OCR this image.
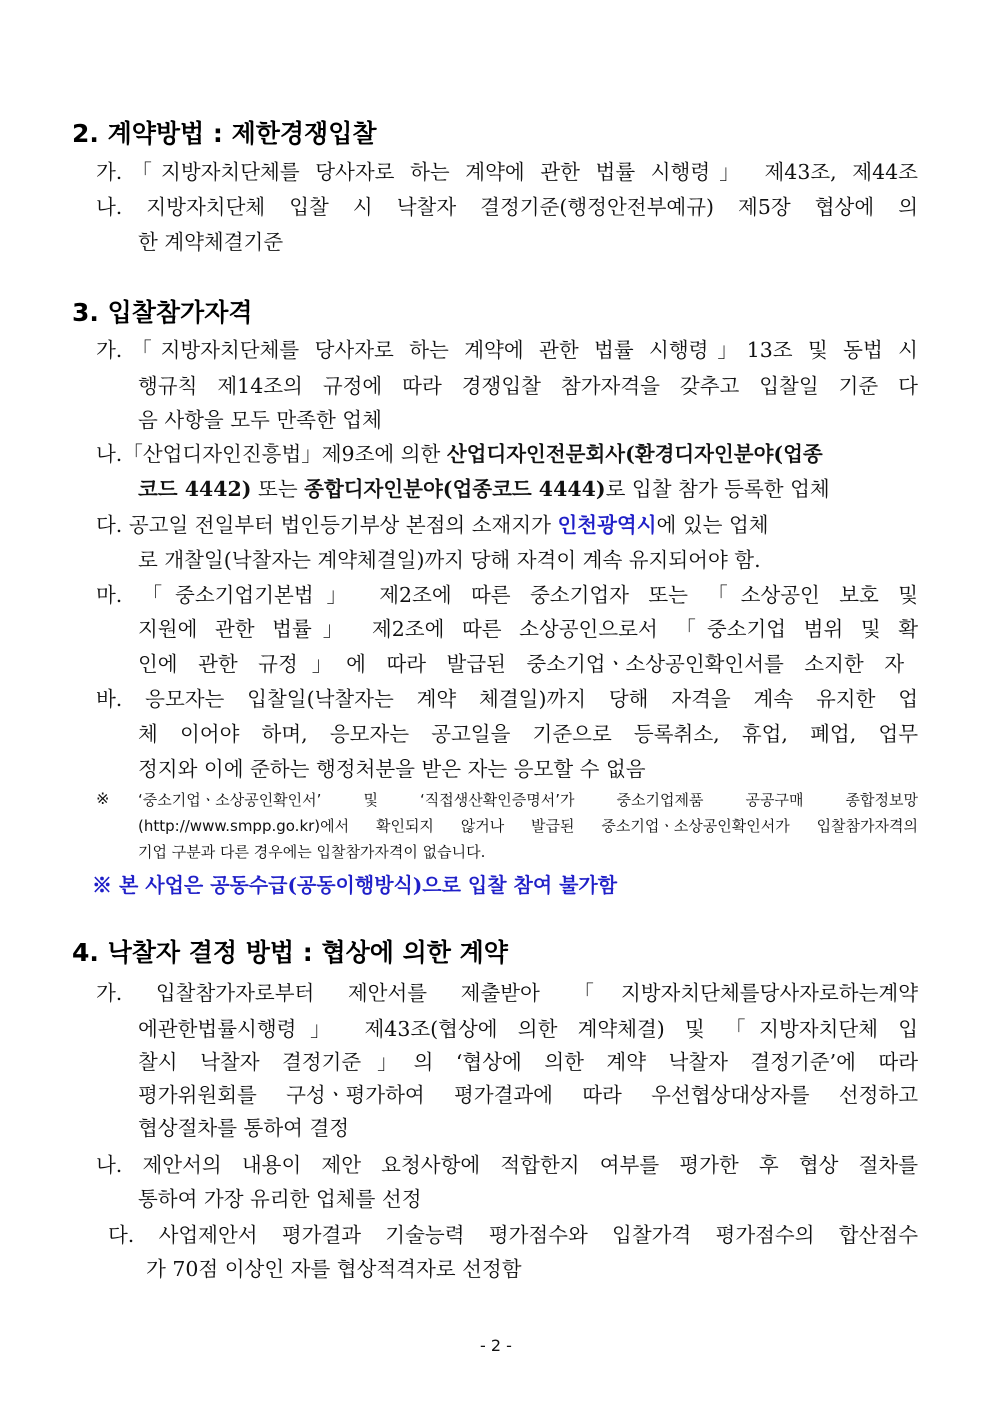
2. 계약방법 : 제한경쟁입찰
가.「지방자치단체를 당사자로 하는 계약에 관한 법률 시행령」 제43조, 제44조
나. 지방자치단체 입찰 시 낙찰자 결정기준(행정안전부예규) 제5장 협상에 의
한 계약체결기준
3. 입찰참가자격
가.「지방자치단체를 당사자로 하는 계약에 관한 법률 시행령」13조 및 동법 시
행규칙 제14조의 규정에 따라 경쟁입찰 참가자격을 갖추고 입찰일 기준 다
음 사항을 모두 만족한 업체
나.「산업디자인진흥법」제9조에 의한 산업디자인전문회사(환경디자인분야(업종
코드 4442) 또는 종합디자인분야(업종코드 4444)로 입찰 참가 등록한 업체
다. 공고일 전일부터 법인등기부상 본점의 소재지가 인천광역시에 있는 업체
로 개찰일(낙찰자는 계약체결일)까지 당해 자격이 계속 유지되어야 함.
마. 「중소기업기본법」 제2조에 따른 중소기업자 또는 「소상공인 보호 및
지원에 관한 법률」 제2조에 따른 소상공인으로서 「중소기업 범위 및 확
인에 관한 규정」에 따라 발급된 중소기업ㆍ소상공인확인서를 소지한 자
바. 응모자는 입찰일(낙찰자는 계약 체결일)까지 당해 자격을 계속 유지한 업
체 이어야 하며, 응모자는 공고일을 기준으로 등록취소, 휴업, 폐업, 업무
정지와 이에 준하는 행정처분을 받은 자는 응모할 수 없음
※ ‘중소기업ㆍ소상공인확인서’ 및 ‘직접생산확인증명서’가 중소기업제품 공공구매 종합정보망
(http://www.smpp.go.kr)에서 확인되지 않거나 발급된 중소기업ㆍ소상공인확인서가 입찰참가자격의
기업 구분과 다른 경우에는 입찰참가자격이 없습니다.
※ 본 사업은 공동수급(공동이행방식)으로 입찰 참여 불가함
4. 낙찰자 결정 방법 : 협상에 의한 계약
가. 입찰참가자로부터 제안서를 제출받아 「지방자치단체를당사자로하는계약
에관한법률시행령」 제43조(협상에 의한 계약체결) 및 「지방자치단체 입
찰시 낙찰자 결정기준」의 ‘협상에 의한 계약 낙찰자 결정기준’에 따라
평가위원회를 구성ㆍ평가하여 평가결과에 따라 우선협상대상자를 선정하고
협상절차를 통하여 결정
나. 제안서의 내용이 제안 요청사항에 적합한지 여부를 평가한 후 협상 절차를
통하여 가장 유리한 업체를 선정
다. 사업제안서 평가결과 기술능력 평가점수와 입찰가격 평가점수의 합산점수
가 70점 이상인 자를 협상적격자로 선정함
- 2 -
